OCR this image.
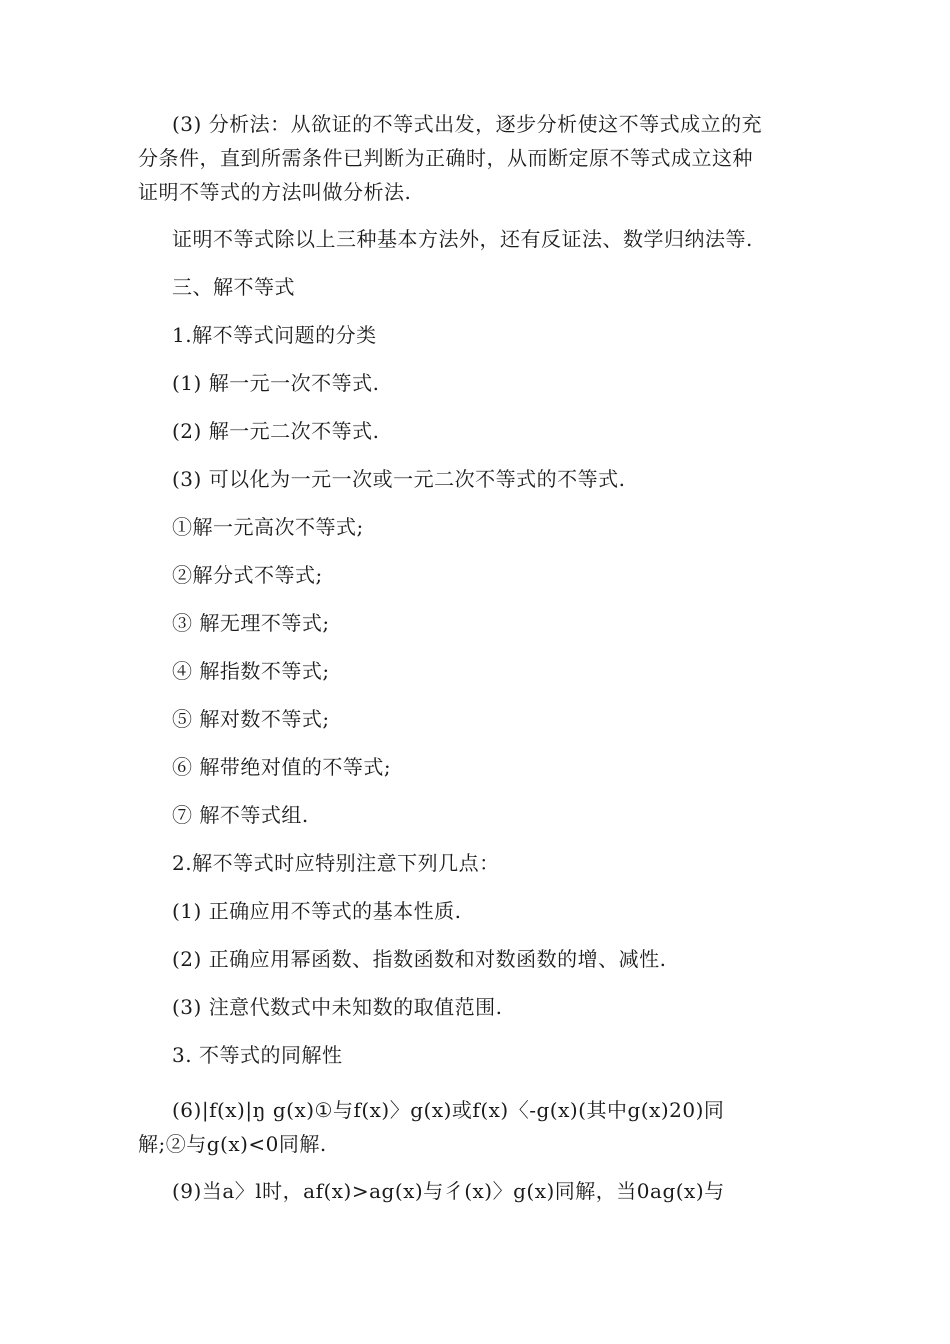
(3) 分析法：从欲证的不等式出发，逐步分析使这不等式成立的充
分条件，直到所需条件已判断为正确时，从而断定原不等式成立这种
证明不等式的方法叫做分析法.
证明不等式除以上三种基本方法外，还有反证法、数学归纳法等.
三、解不等式
1.解不等式问题的分类
(1) 解一元一次不等式.
(2) 解一元二次不等式.
(3) 可以化为一元一次或一元二次不等式的不等式.
①解一元高次不等式;
②解分式不等式;
③ 解无理不等式;
④ 解指数不等式;
⑤ 解对数不等式;
⑥ 解带绝对值的不等式;
⑦ 解不等式组.
2.解不等式时应特别注意下列几点：
(1) 正确应用不等式的基本性质.
(2) 正确应用幂函数、指数函数和对数函数的增、减性.
(3) 注意代数式中未知数的取值范围.
3. 不等式的同解性
(6)|f(x)|ŋ g(x)①与f(x)〉g(x)或f(x)〈-g(x)(其中g(x)20)同
解;②与g(x)<0同解.
(9)当a〉l时，af(x)>ag(x)与彳(x)〉g(x)同解，当0ag(x)与
